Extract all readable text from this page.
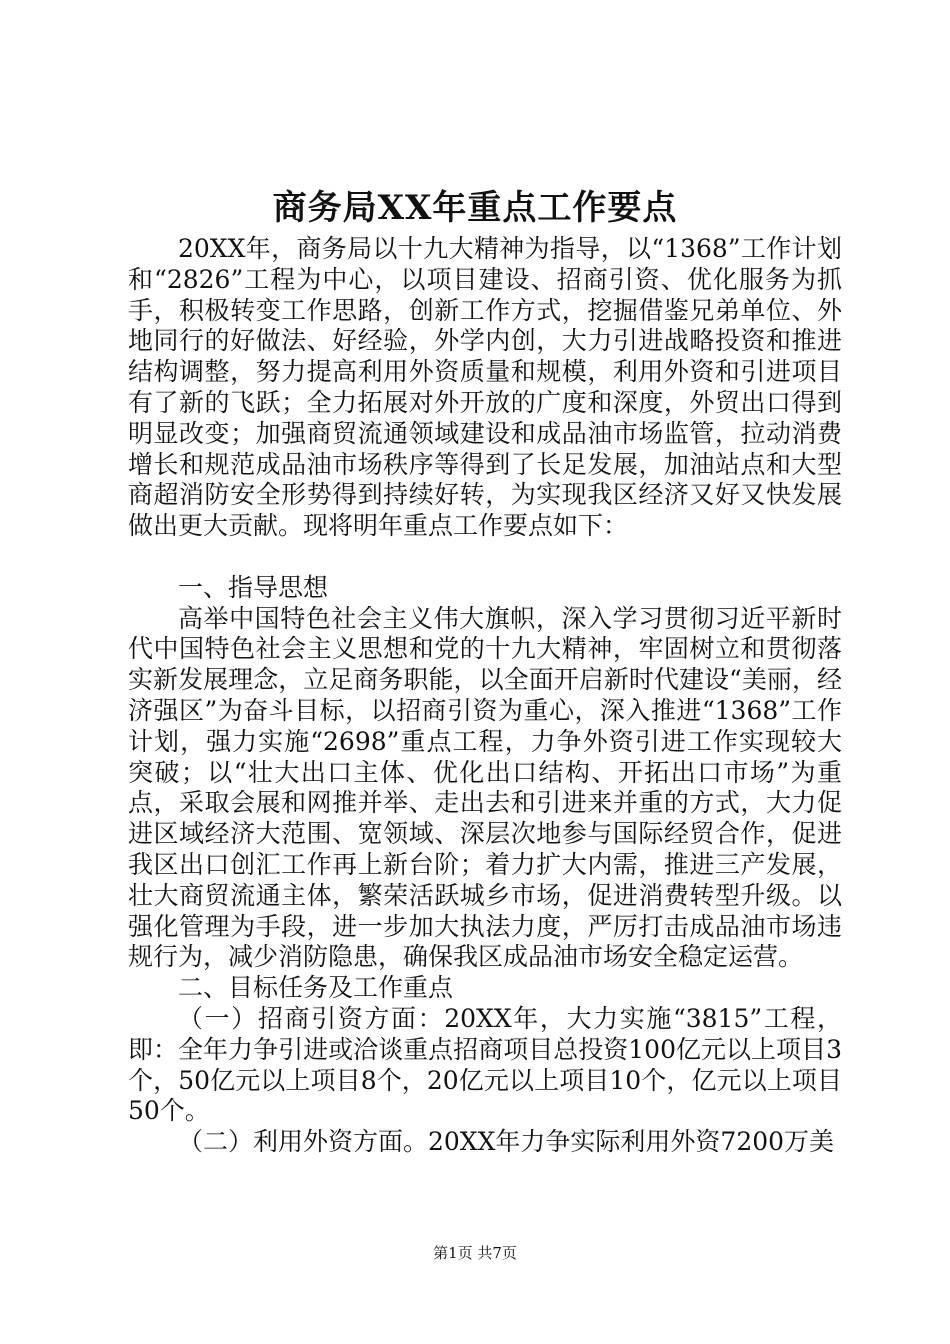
商务局XX年重点工作要点

20XX年，商务局以十九大精神为指导，以“1368”工作计划和“2826”工程为中心，以项目建设、招商引资、优化服务为抓手，积极转变工作思路，创新工作方式，挖掘借鉴兄弟单位、外地同行的好做法、好经验，外学内创，大力引进战略投资和推进结构调整，努力提高利用外资质量和规模，利用外资和引进项目有了新的飞跃；全力拓展对外开放的广度和深度，外贸出口得到明显改变；加强商贸流通领域建设和成品油市场监管，拉动消费增长和规范成品油市场秩序等得到了长足发展，加油站点和大型商超消防安全形势得到持续好转，为实现我区经济又好又快发展做出更大贡献。现将明年重点工作要点如下：

一、指导思想

高举中国特色社会主义伟大旗帜，深入学习贯彻习近平新时代中国特色社会主义思想和党的十九大精神，牢固树立和贯彻落实新发展理念，立足商务职能，以全面开启新时代建设“美丽，经济强区”为奋斗目标，以招商引资为重心，深入推进“1368”工作计划，强力实施“2698”重点工程，力争外资引进工作实现较大突破；以“壮大出口主体、优化出口结构、开拓出口市场”为重点，采取会展和网推并举、走出去和引进来并重的方式，大力促进区域经济大范围、宽领域、深层次地参与国际经贸合作，促进我区出口创汇工作再上新台阶；着力扩大内需，推进三产发展，壮大商贸流通主体，繁荣活跃城乡市场，促进消费转型升级。以强化管理为手段，进一步加大执法力度，严厉打击成品油市场违规行为，减少消防隐患，确保我区成品油市场安全稳定运营。

二、目标任务及工作重点

（一）招商引资方面：20XX年，大力实施“3815”工程，即：全年力争引进或洽谈重点招商项目总投资100亿元以上项目3个，50亿元以上项目8个，20亿元以上项目10个，亿元以上项目50个。

（二）利用外资方面。20XX年力争实际利用外资7200万美

第1页 共7页
